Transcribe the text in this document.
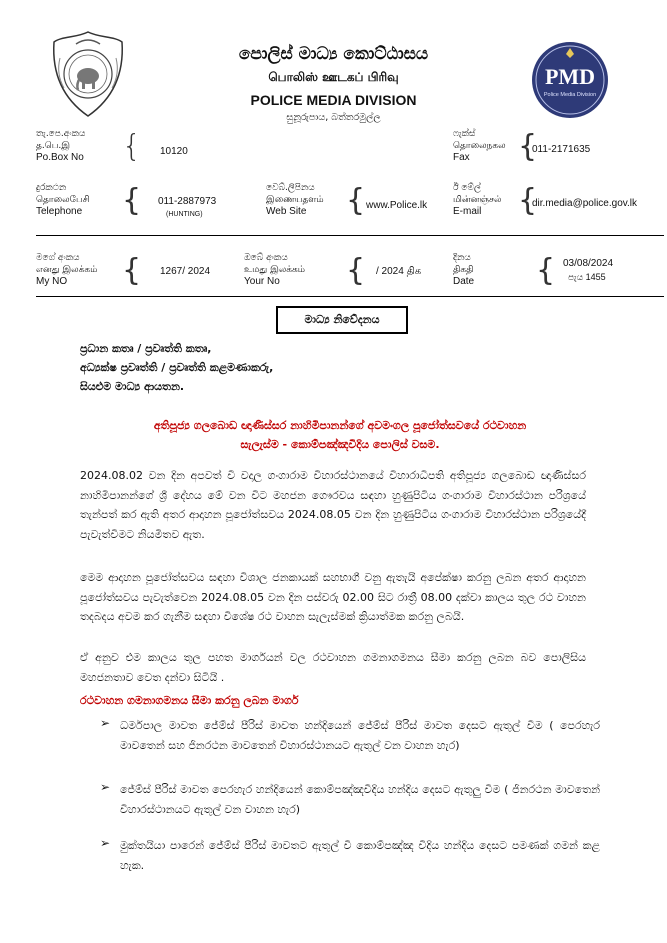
PMD
Police Media Division
පොලිස් මාධ්‍ය කොට්ඨාසය
பொலிஸ் ஊடகப் பிரிவு
POLICE MEDIA DIVISION
සුනූරුපාය, බත්තරමුල්ල
තැ.පෙ.අංකය
த.பெ.இ
Po.Box No { 10120
ෆැක්ස්
தொலைநகல
Fax	{
011-2171635
දුරකථන
தொலைபேசி
Telephone { 011-2887973
(HUNTING)
වෙබ්.ලිපිනය
இணையதளம்
Web Site	{ www.Police.lk
ඊ මේල්
மின்னஞ்சல்
E-mail	{
dir.media@police.gov.lk
මගේ අංකය
எனது இலக்கம்
My NO	{ 1267/ 2024
ඔබේ අංකය
உமது இலக்கம்
Your No	{ / 2024 திக
දිනය
திகதி
Date { 03/08/2024
පැය 1455
මාධ්‍ය නිවේදනය
ප්‍රධාන කතෘ / ප්‍රවෘත්ති කතෘ,
අධ්‍යක්ෂ ප්‍රවෘත්ති / ප්‍රවෘත්ති කළමණාකරු,
සියළුම මාධ්‍ය ආයතන.
අතිපූජ්‍ය ගලබොඩ ඥාණිස්සර නාහිමිපානන්ගේ අවමංගල පූජෝත්සවයේ රථවාහන
සැලැස්ම - කොම්පඤ්ඤවීදිය පොලිස් වසම.
2024.08.02 වන දින අපවත් වී වදාල ගංගාරාම විහාරස්ථානයේ විහාරාධිපති අතිපූජ්‍ය ගලබොඩ ඥාණිස්සර නාහිමිපානන්ගේ ශ්‍රී දේහය මේ වන විට මහජන ගෞරවය සඳහා හුණුපිටිය ගංගාරාම විහාරස්ථාන පරිශ්‍රයේ තැන්පත් කර ඇති අතර ආදාහන පූජෝත්සවය 2024.08.05 වන දින හුණුපිටිය ගංගාරාම විහාරස්ථාන පරිශ්‍රයේදී පැවැත්වීමට නියමිතව ඇත.
මෙම ආදාහන පූජෝත්සවය සඳහා විශාල ජනකායක් සහභාගී වනු ඇතැයි අපේක්ෂා කරනු ලබන අතර ආදාහන පූජෝත්සවය පැවැත්වෙන 2024.08.05 වන දින පස්වරු 02.00 සිට රාත්‍රී 08.00 දක්වා කාලය තුල රථ වාහන තදබදය අවම කර ගැනීම සඳහා විශේෂ රථ වාහන සැලැස්මක් ක්‍රියාත්මක කරනු ලබයි.
ඒ අනුව එම කාලය තුල පහත මාර්ගයන් වල රථවාහන ගමනාගමනය සීමා කරනු ලබන බව පොලිසිය මහජනතාව වෙත දන්වා සිටියි .
රථවාහන ගමනාගමනය සීමා කරනු ලබන මාර්ග
➢ ධර්මපාල මාවත ජේම්ස් පීරිස් මාවත හන්දියෙන් ජේම්ස් පීරිස් මාවත දෙසට ඇතුල් වීම ( පෙරහැර මාවතෙන් සහ ජිනරථන මාවතෙන් විහාරස්ථානයට ඇතුල් වන වාහන හැර)
➢ ජේම්ස් පීරිස් මාවත පෙරහැර හන්දියෙන් කොම්පඤ්ඤවීදිය හන්දිය දෙසට ඇතුලු වීම ( ජිනරථන මාවතෙන් විහාරස්ථානයට ඇතුල් වන වාහන හැර)
➢ මුක්තයියා පාරෙන් ජේම්ස් පීරිස් මාවතට ඇතුල් වී කොම්පඤ්ඤ විදිය හන්දිය දෙසට පමණක් ගමන් කළ හැක.
